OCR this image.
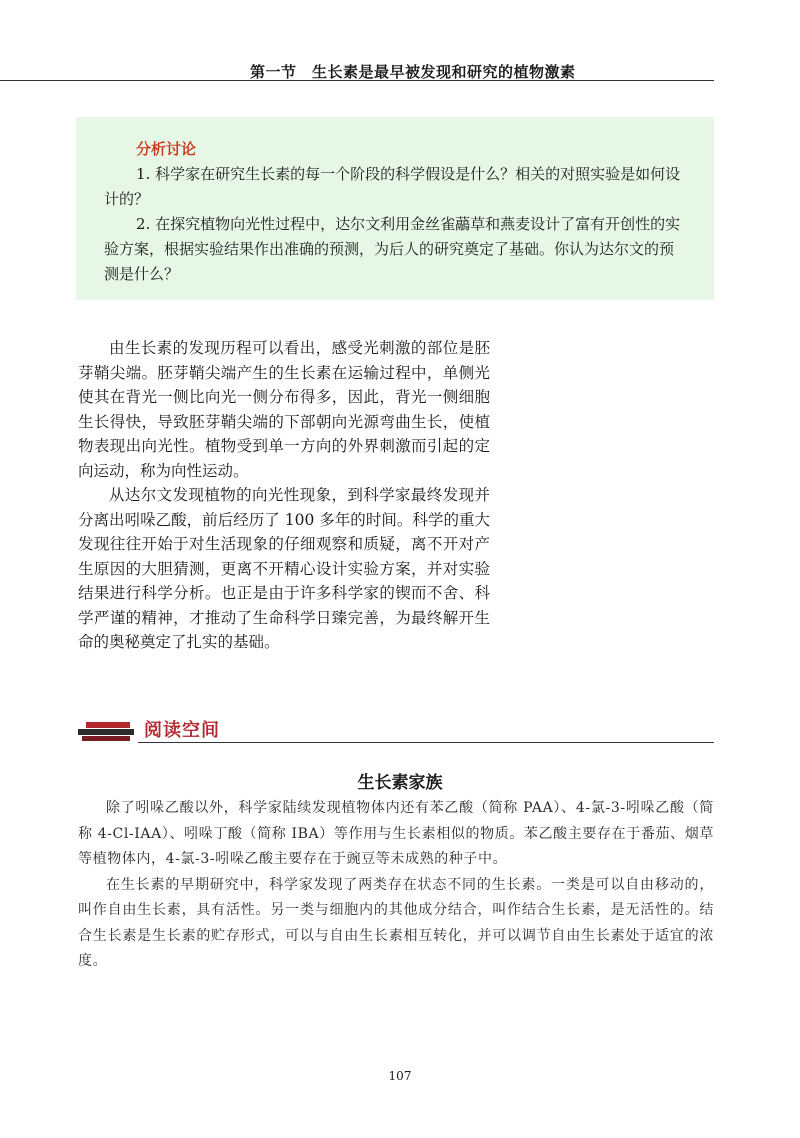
第一节　生长素是最早被发现和研究的植物激素
分析讨论

1. 科学家在研究生长素的每一个阶段的科学假设是什么？相关的对照实验是如何设计的？

2. 在探究植物向光性过程中，达尔文利用金丝雀虉草和燕麦设计了富有开创性的实验方案，根据实验结果作出准确的预测，为后人的研究奠定了基础。你认为达尔文的预测是什么？

由生长素的发现历程可以看出，感受光刺激的部位是胚芽鞘尖端。胚芽鞘尖端产生的生长素在运输过程中，单侧光使其在背光一侧比向光一侧分布得多，因此，背光一侧细胞生长得快，导致胚芽鞘尖端的下部朝向光源弯曲生长，使植物表现出向光性。植物受到单一方向的外界刺激而引起的定向运动，称为向性运动。

从达尔文发现植物的向光性现象，到科学家最终发现并分离出吲哚乙酸，前后经历了 100 多年的时间。科学的重大发现往往开始于对生活现象的仔细观察和质疑，离不开对产生原因的大胆猜测，更离不开精心设计实验方案，并对实验结果进行科学分析。也正是由于许多科学家的锲而不舍、科学严谨的精神，才推动了生命科学日臻完善，为最终解开生命的奥秘奠定了扎实的基础。

阅读空间
生长素家族

除了吲哚乙酸以外，科学家陆续发现植物体内还有苯乙酸（简称 PAA）、4-氯-3-吲哚乙酸（简称 4-Cl-IAA）、吲哚丁酸（简称 IBA）等作用与生长素相似的物质。苯乙酸主要存在于番茄、烟草等植物体内，4-氯-3-吲哚乙酸主要存在于豌豆等未成熟的种子中。

在生长素的早期研究中，科学家发现了两类存在状态不同的生长素。一类是可以自由移动的，叫作自由生长素，具有活性。另一类与细胞内的其他成分结合，叫作结合生长素，是无活性的。结合生长素是生长素的贮存形式，可以与自由生长素相互转化，并可以调节自由生长素处于适宜的浓度。

107
